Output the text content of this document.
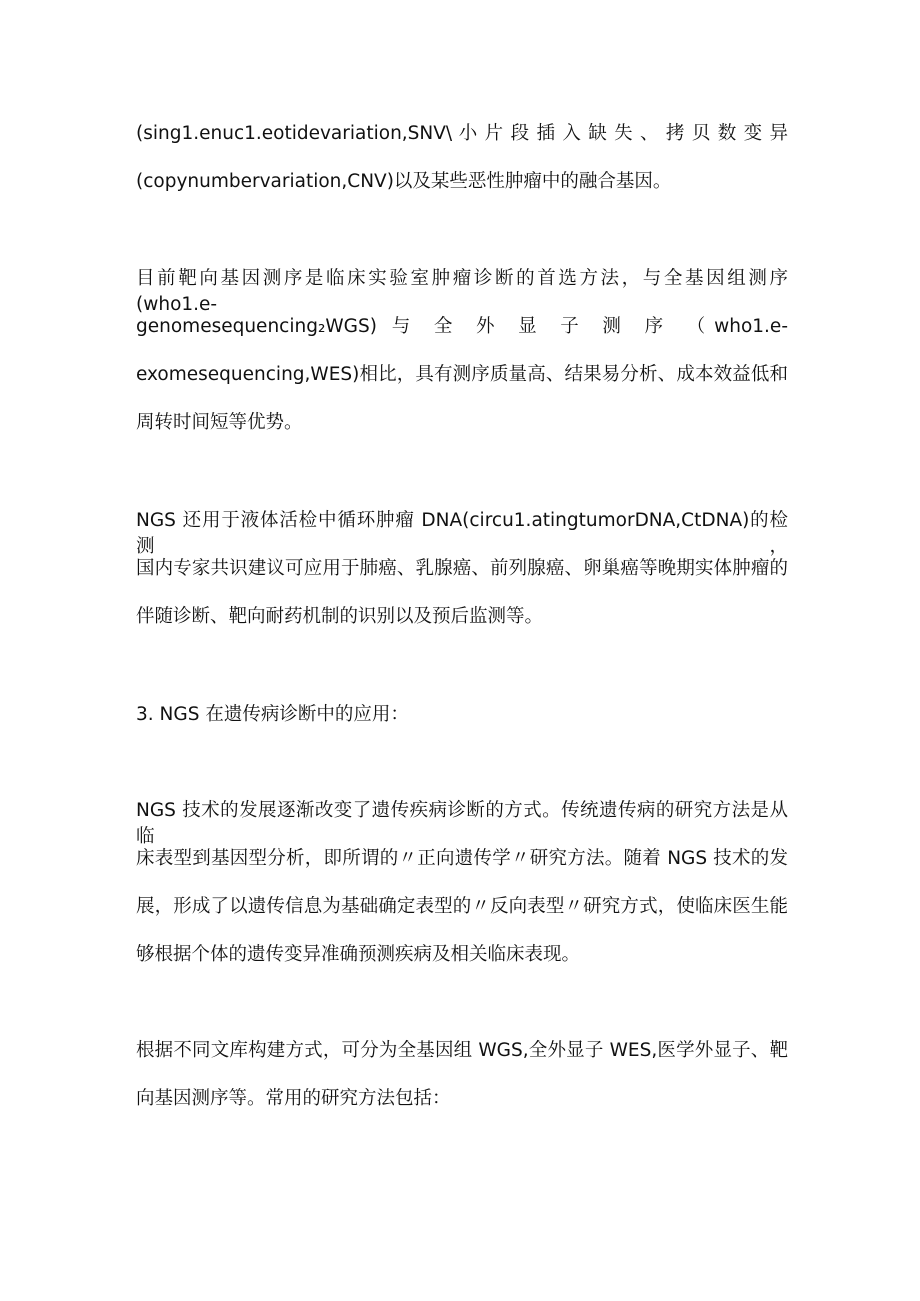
(sing1.enuc1.eotidevariation,SNV\ 小 片 段 插 入 缺 失 、 拷 贝 数 变 异
(copynumbervariation,CNV)以及某些恶性肿瘤中的融合基因。
目前靶向基因测序是临床实验室肿瘤诊断的首选方法，与全基因组测序(who1.e-
genomesequencing₂WGS) 与 全 外 显 子 测 序 （who1.e-
exomesequencing,WES)相比，具有测序质量高、结果易分析、成本效益低和
周转时间短等优势。
NGS 还用于液体活检中循环肿瘤 DNA(circu1.atingtumorDNA,CtDNA)的检测，
国内专家共识建议可应用于肺癌、乳腺癌、前列腺癌、卵巢癌等晚期实体肿瘤的
伴随诊断、靶向耐药机制的识别以及预后监测等。
3. NGS 在遗传病诊断中的应用：
NGS 技术的发展逐渐改变了遗传疾病诊断的方式。传统遗传病的研究方法是从临
床表型到基因型分析，即所谓的〃正向遗传学〃研究方法。随着 NGS 技术的发
展，形成了以遗传信息为基础确定表型的〃反向表型〃研究方式，使临床医生能
够根据个体的遗传变异准确预测疾病及相关临床表现。
根据不同文库构建方式，可分为全基因组 WGS,全外显子 WES,医学外显子、靶
向基因测序等。常用的研究方法包括：
